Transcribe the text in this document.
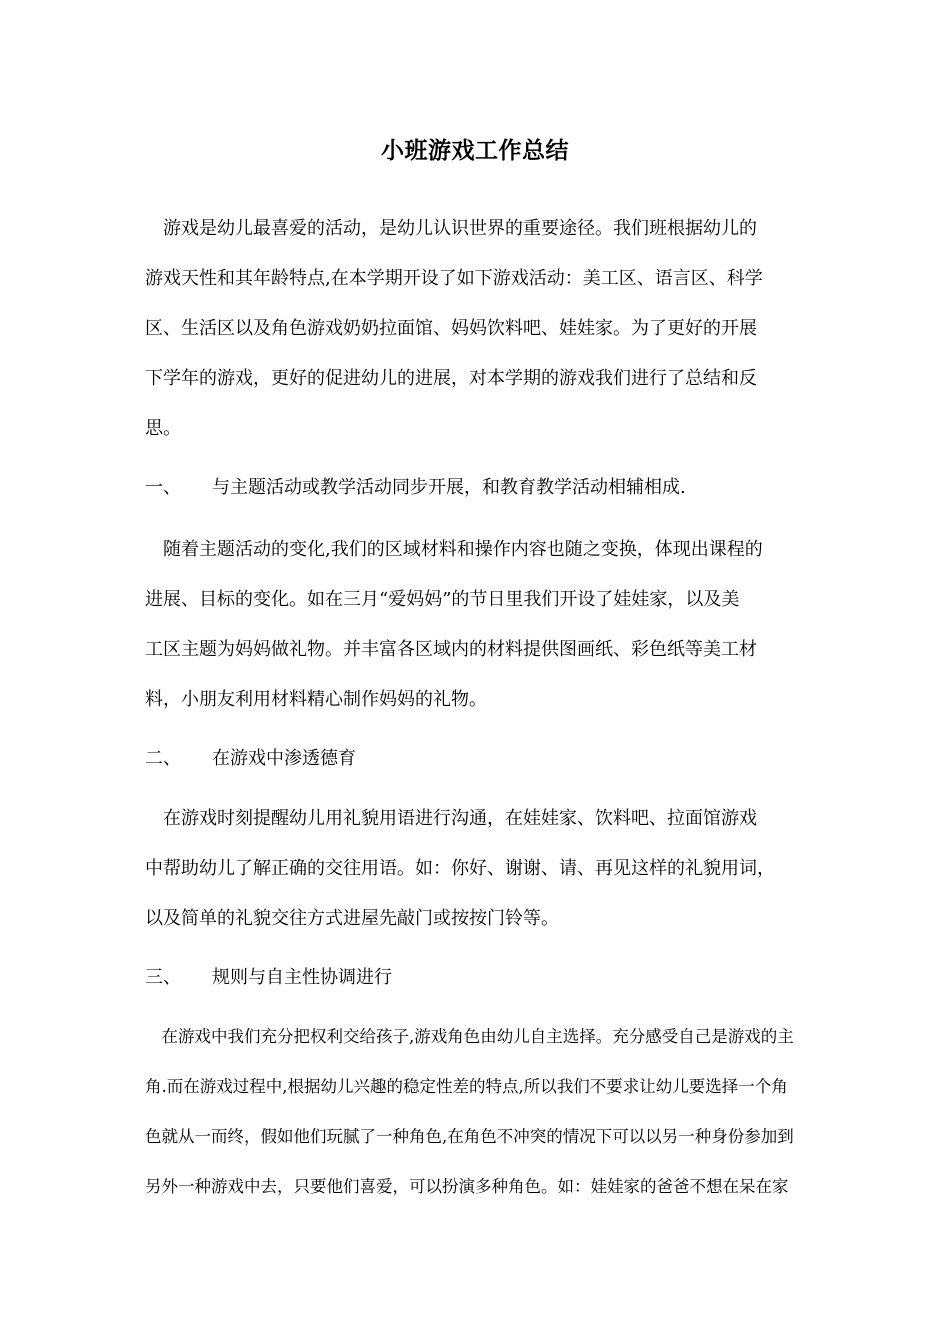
小班游戏工作总结
　游戏是幼儿最喜爱的活动，是幼儿认识世界的重要途径。我们班根据幼儿的
游戏天性和其年龄特点,在本学期开设了如下游戏活动：美工区、语言区、科学
区、生活区以及角色游戏奶奶拉面馆、妈妈饮料吧、娃娃家。为了更好的开展
下学年的游戏，更好的促进幼儿的进展，对本学期的游戏我们进行了总结和反
思。
一、 与主题活动或教学活动同步开展，和教育教学活动相辅相成.
　随着主题活动的变化,我们的区域材料和操作内容也随之变换，体现出课程的
进展、目标的变化。如在三月“爱妈妈”的节日里我们开设了娃娃家，以及美
工区主题为妈妈做礼物。并丰富各区域内的材料提供图画纸、彩色纸等美工材
料，小朋友利用材料精心制作妈妈的礼物。
二、 在游戏中渗透德育
　在游戏时刻提醒幼儿用礼貌用语进行沟通，在娃娃家、饮料吧、拉面馆游戏
中帮助幼儿了解正确的交往用语。如：你好、谢谢、请、再见这样的礼貌用词，
以及简单的礼貌交往方式进屋先敲门或按按门铃等。
三、 规则与自主性协调进行
　在游戏中我们充分把权利交给孩子,游戏角色由幼儿自主选择。充分感受自己是游戏的主
角.而在游戏过程中,根据幼儿兴趣的稳定性差的特点,所以我们不要求让幼儿要选择一个角
色就从一而终，假如他们玩腻了一种角色,在角色不冲突的情况下可以以另一种身份参加到
另外一种游戏中去，只要他们喜爱，可以扮演多种角色。如：娃娃家的爸爸不想在呆在家
